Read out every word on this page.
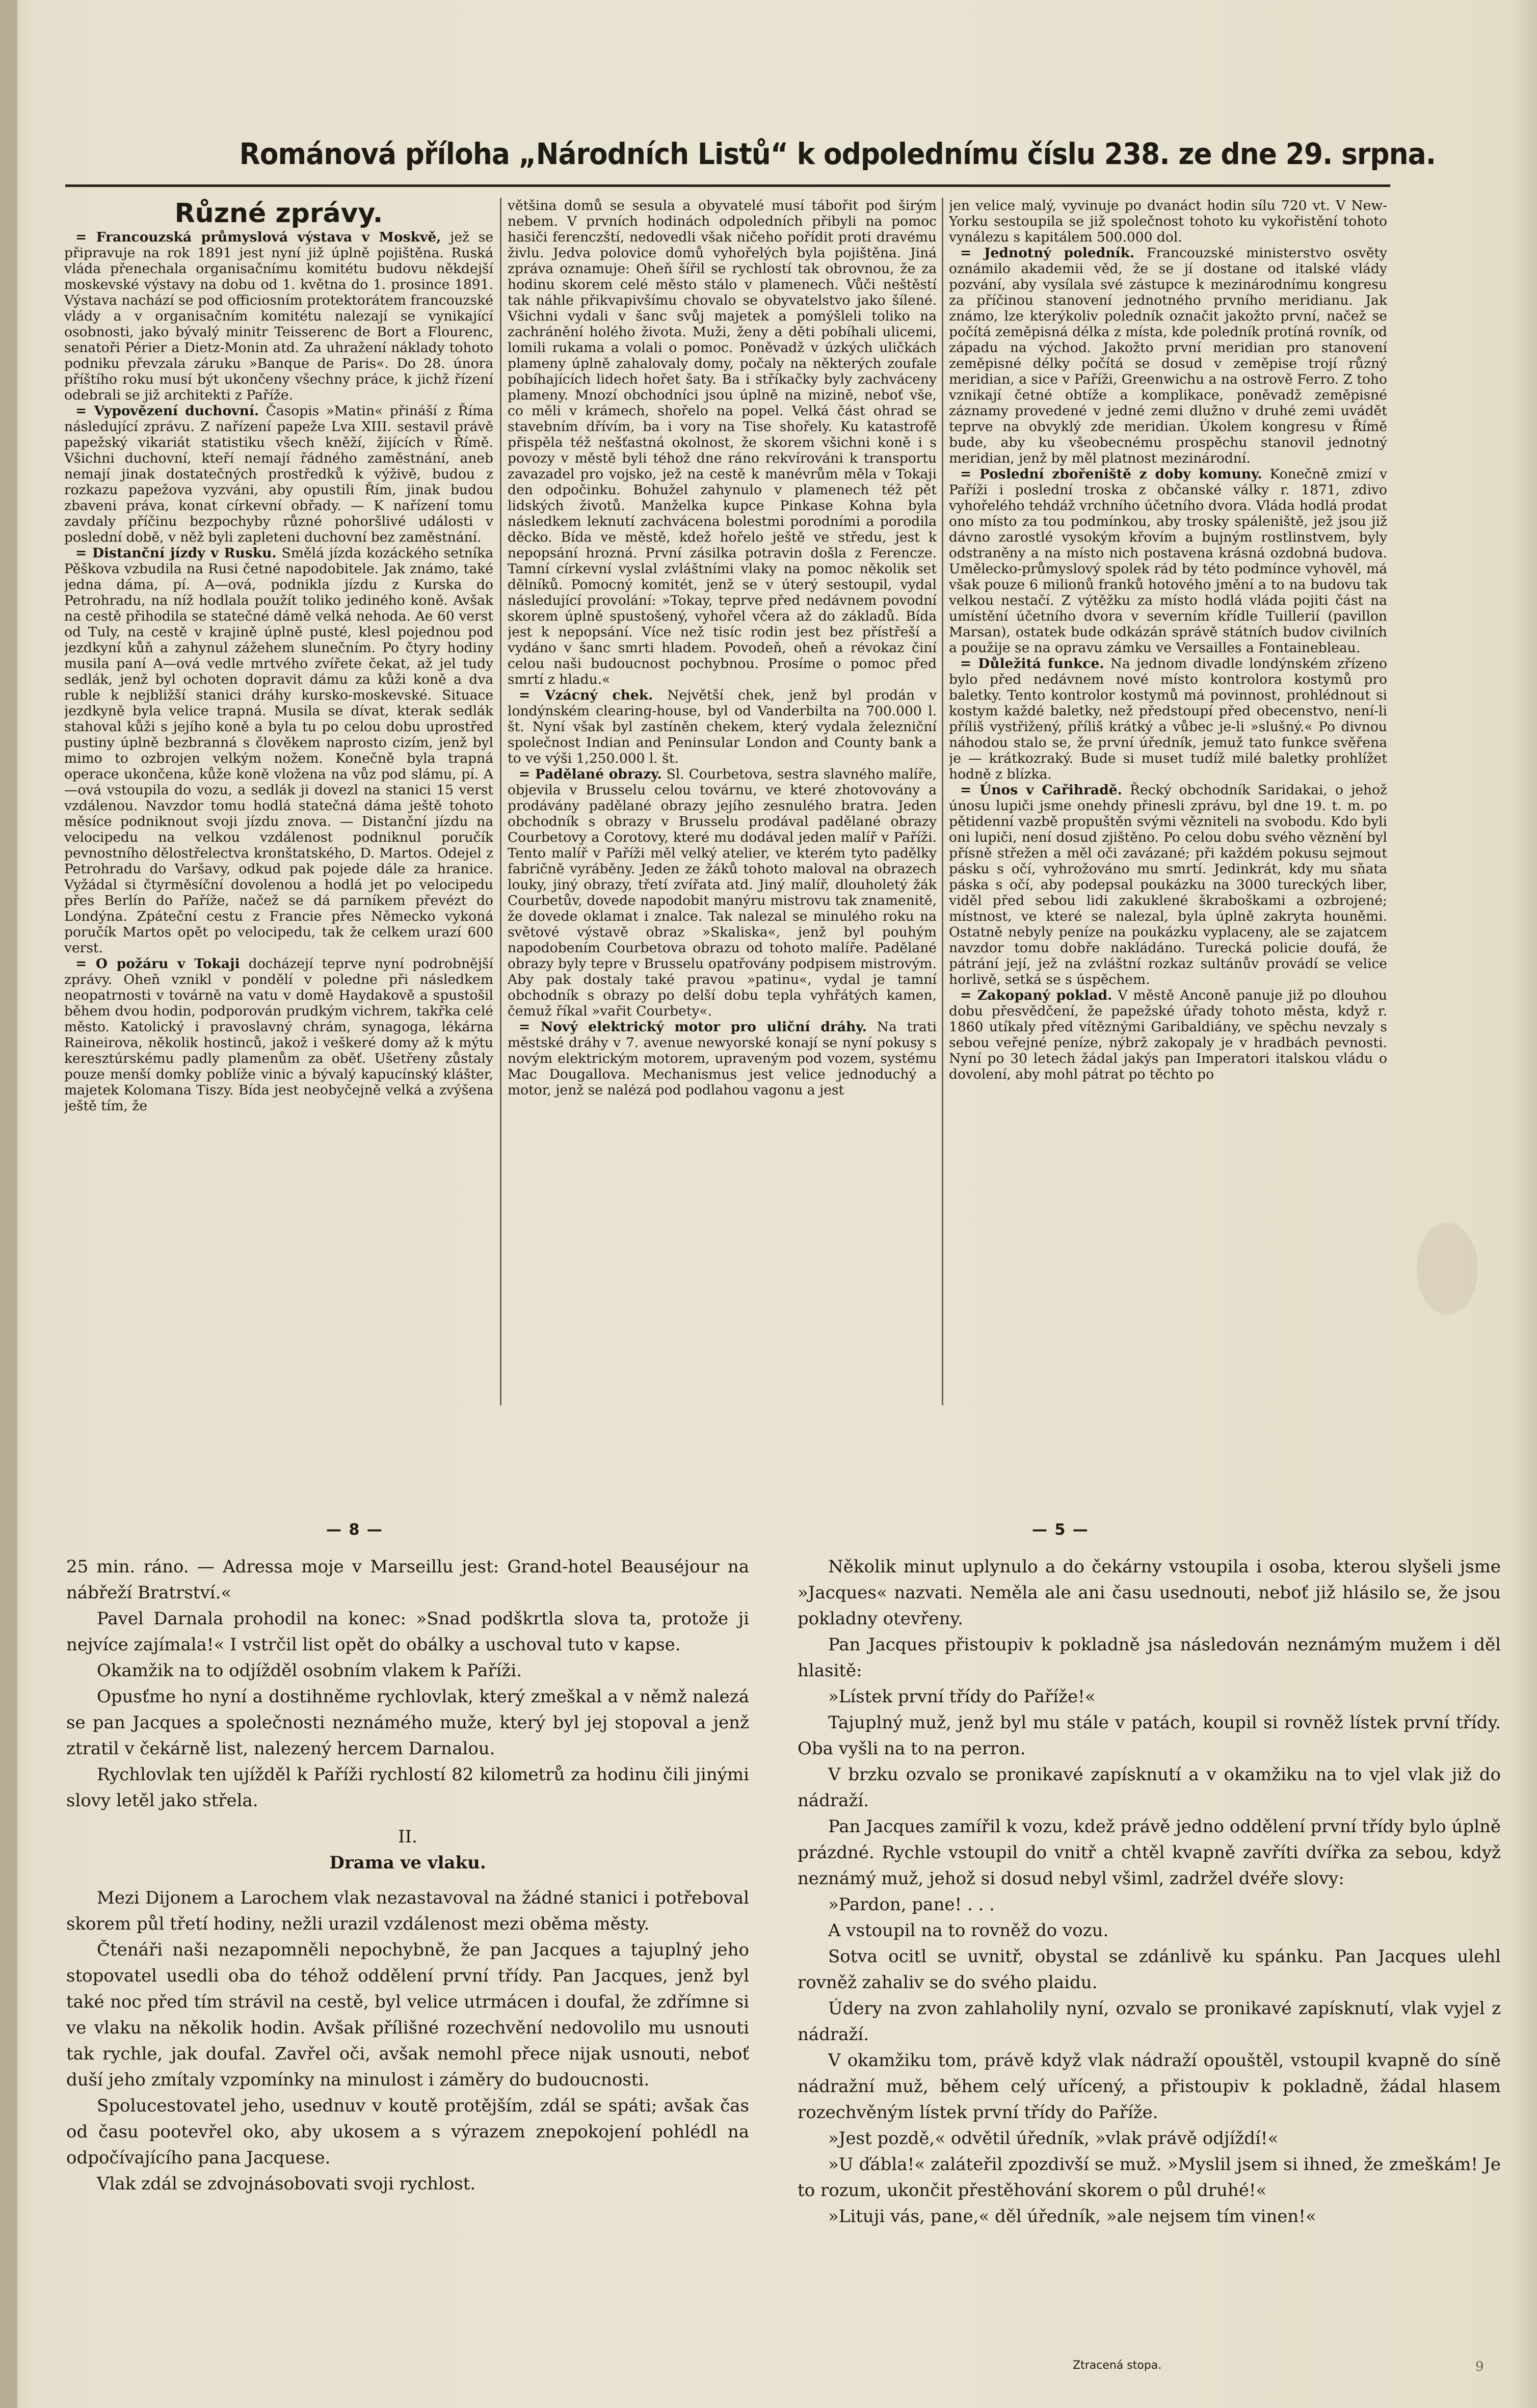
Románová příloha „Národních Listů“ k odpolednímu číslu 238. ze dne 29. srpna.

Různé zprávy.

= Francouzská průmyslová výstava v Moskvě, jež se připravuje na rok 1891 jest nyní již úplně pojištěna. Ruská vláda přenechala organisačnímu komitétu budovu někdejší moskevské výstavy na dobu od 1. května do 1. prosince 1891. Výstava nachází se pod officiosním protektorátem francouzské vlády a v organisačním komitétu nalezají se vynikající osobnosti, jako bývalý minitr Teisserenc de Bort a Flourenc, senatoři Périer a Dietz-Monin atd. Za uhražení náklady tohoto podniku převzala záruku »Banque de Paris«. Do 28. února příštího roku musí být ukončeny všechny práce, k jichž řízení odebrali se již architekti z Paříže.

= Vypovězení duchovní. Časopis »Matin« přináší z Říma následující zprávu. Z nařízení papeže Lva XIII. sestavil právě papežský vikariát statistiku všech kněží, žijících v Římě. Všichni duchovní, kteří nemají řádného zaměstnání, aneb nemají jinak dostatečných prostředků k výživě, budou z rozkazu papežova vyzváni, aby opustili Řím, jinak budou zbaveni práva, konat církevní obřady. — K nařízení tomu zavdaly příčinu bezpochyby různé pohoršlivé události v poslední době, v něž byli zapleteni duchovní bez zaměstnání.

= Distanční jízdy v Rusku. Smělá jízda kozáckého setníka Pěškova vzbudila na Rusi četné napodobitele. Jak známo, také jedna dáma, pí. A—ová, podnikla jízdu z Kurska do Petrohradu, na níž hodlala použít toliko jediného koně. Avšak na cestě přihodila se statečné dámě velká nehoda. Ae 60 verst od Tuly, na cestě v krajině úplně pusté, klesl pojednou pod jezdkyní kůň a zahynul zážehem slunečním. Po čtyry hodiny musila paní A—ová vedle mrtvého zvířete čekat, až jel tudy sedlák, jenž byl ochoten dopravit dámu za kůži koně a dva ruble k nejbližší stanici dráhy kursko-moskevské. Situace jezdkyně byla velice trapná. Musila se dívat, kterak sedlák stahoval kůži s jejího koně a byla tu po celou dobu uprostřed pustiny úplně bezbranná s člověkem naprosto cizím, jenž byl mimo to ozbrojen velkým nožem. Konečně byla trapná operace ukončena, kůže koně vložena na vůz pod slámu, pí. A—ová vstoupila do vozu, a sedlák ji dovezl na stanici 15 verst vzdálenou. Navzdor tomu hodlá statečná dáma ještě tohoto měsíce podniknout svoji jízdu znova. — Distanční jízdu na velocipedu na velkou vzdálenost podniknul poručík pevnostního dělostřelectva kronštatského, D. Martos. Odejel z Petrohradu do Varšavy, odkud pak pojede dále za hranice. Vyžádal si čtyrměsíční dovolenou a hodlá jet po velocipedu přes Berlín do Paříže, načež se dá parníkem převézt do Londýna. Zpáteční cestu z Francie přes Německo vykoná poručík Martos opět po velocipedu, tak že celkem urazí 600 verst.

= O požáru v Tokaji docházejí teprve nyní podrobnější zprávy. Oheň vznikl v pondělí v poledne při následkem neopatrnosti v továrně na vatu v domě Haydakově a spustošil během dvou hodin, podporován prudkým vichrem, takřka celé město. Katolický i pravoslavný chrám, synagoga, lékárna Raineirova, několik hostinců, jakož i veškeré domy až k mýtu keresztúrskému padly plamenům za oběť. Ušetřeny zůstaly pouze menší domky poblíže vinic a bývalý kapucínský klášter, majetek Kolomana Tiszy. Bída jest neobyčejně velká a zvýšena ještě tím, že

většina domů se sesula a obyvatelé musí tábořit pod širým nebem. V prvních hodinách odpoledních přibyli na pomoc hasiči ferenczští, nedovedli však ničeho pořídit proti dravému živlu. Jedva polovice domů vyhořelých byla pojištěna. Jiná zpráva oznamuje: Oheň šířil se rychlostí tak obrovnou, že za hodinu skorem celé město stálo v plamenech. Vůči neštěstí tak náhle přikvapivšímu chovalo se obyvatelstvo jako šílené. Všichni vydali v šanc svůj majetek a pomýšleli toliko na zachránění holého života. Muži, ženy a děti pobíhali ulicemi, lomili rukama a volali o pomoc. Poněvadž v úzkých uličkách plameny úplně zahalovaly domy, počaly na některých zoufale pobíhajících lidech hořet šaty. Ba i stříkačky byly zachváceny plameny. Mnozí obchodníci jsou úplně na mizině, neboť vše, co měli v krámech, shořelo na popel. Velká část ohrad se stavebním dřívím, ba i vory na Tise shořely. Ku katastrofě přispěla též nešťastná okolnost, že skorem všichni koně i s povozy v městě byli téhož dne ráno rekvírováni k transportu zavazadel pro vojsko, jež na cestě k manévrům měla v Tokaji den odpočinku. Bohužel zahynulo v plamenech též pět lidských životů. Manželka kupce Pinkase Kohna byla následkem leknutí zachvácena bolestmi porodními a porodila děcko. Bída ve městě, kdež hořelo ještě ve středu, jest k nepopsání hrozná. První zásilka potravin došla z Ferencze. Tamní církevní vyslal zvláštními vlaky na pomoc několik set dělníků. Pomocný komitét, jenž se v úterý sestoupil, vydal následující provolání: »Tokay, teprve před nedávnem povodní skorem úplně spustošený, vyhořel včera až do základů. Bída jest k nepopsání. Více než tisíc rodin jest bez přístřeší a vydáno v šanc smrti hladem. Povodeň, oheň a révokaz činí celou naši budoucnost pochybnou. Prosíme o pomoc před smrtí z hladu.«

= Vzácný chek. Největší chek, jenž byl prodán v londýnském clearing-house, byl od Vanderbilta na 700.000 l. št. Nyní však byl zastíněn chekem, který vydala železniční společnost Indian and Peninsular London and County bank a to ve výši 1,250.000 l. št.

= Padělané obrazy. Sl. Courbetova, sestra slavného malíře, objevila v Brusselu celou továrnu, ve které zhotovovány a prodávány padělané obrazy jejího zesnulého bratra. Jeden obchodník s obrazy v Brusselu prodával padělané obrazy Courbetovy a Corotovy, které mu dodával jeden malíř v Paříži. Tento malíř v Paříži měl velký atelier, ve kterém tyto padělky fabričně vyráběny. Jeden ze žáků tohoto maloval na obrazech louky, jiný obrazy, třetí zvířata atd. Jiný malíř, dlouholetý žák Courbetův, dovede napodobit manýru mistrovu tak znamenitě, že dovede oklamat i znalce. Tak nalezal se minulého roku na světové výstavě obraz »Skaliska«, jenž byl pouhým napodobením Courbetova obrazu od tohoto malíře. Padělané obrazy byly tepre v Brusselu opatřovány podpisem mistrovým. Aby pak dostaly také pravou »patinu«, vydal je tamní obchodník s obrazy po delší dobu tepla vyhřátých kamen, čemuž říkal »vařit Courbety«.

= Nový elektrický motor pro uliční dráhy. Na trati městské dráhy v 7. avenue newyorské konají se nyní pokusy s novým elektrickým motorem, upraveným pod vozem, systému Mac Dougallova. Mechanismus jest velice jednoduchý a motor, jenž se nalézá pod podlahou vagonu a jest

jen velice malý, vyvinuje po dvanáct hodin sílu 720 vt. V New-Yorku sestoupila se již společnost tohoto ku vykořistění tohoto vynálezu s kapitálem 500.000 dol.

= Jednotný poledník. Francouzské ministerstvo osvěty oznámilo akademii věd, že se jí dostane od italské vlády pozvání, aby vysílala své zástupce k mezinárodnímu kongresu za příčinou stanovení jednotného prvního meridianu. Jak známo, lze kterýkoliv poledník označit jakožto první, načež se počítá zeměpisná délka z místa, kde poledník protíná rovník, od západu na východ. Jakožto první meridian pro stanovení zeměpisné délky počítá se dosud v zeměpise trojí různý meridian, a sice v Paříži, Greenwichu a na ostrově Ferro. Z toho vznikají četné obtíže a komplikace, poněvadž zeměpisné záznamy provedené v jedné zemi dlužno v druhé zemi uvádět teprve na obvyklý zde meridian. Úkolem kongresu v Římě bude, aby ku všeobecnému prospěchu stanovil jednotný meridian, jenž by měl platnost mezinárodní.

= Poslední zbořeniště z doby komuny. Konečně zmizí v Paříži i poslední troska z občanské války r. 1871, zdivo vyhořelého tehdáž vrchního účetního dvora. Vláda hodlá prodat ono místo za tou podmínkou, aby trosky spáleniště, jež jsou již dávno zarostlé vysokým křovím a bujným rostlinstvem, byly odstraněny a na místo nich postavena krásná ozdobná budova. Umělecko-průmyslový spolek rád by této podmínce vyhověl, má však pouze 6 milionů franků hotového jmění a to na budovu tak velkou nestačí. Z výtěžku za místo hodlá vláda pojiti část na umístění účetního dvora v severním křídle Tuillerií (pavillon Marsan), ostatek bude odkázán správě státních budov civilních a použije se na opravu zámku ve Versailles a Fontainebleau.

= Důležitá funkce. Na jednom divadle londýnském zřízeno bylo před nedávnem nové místo kontrolora kostymů pro baletky. Tento kontrolor kostymů má povinnost, prohlédnout si kostym každé baletky, než předstoupí před obecenstvo, není-li příliš vystřižený, příliš krátký a vůbec je-li »slušný.« Po divnou náhodou stalo se, že první úředník, jemuž tato funkce svěřena je — krátkozraký. Bude si muset tudíž milé baletky prohlížet hodně z blízka.

= Únos v Cařihradě. Řecký obchodník Saridakai, o jehož únosu lupiči jsme onehdy přinesli zprávu, byl dne 19. t. m. po pětidenní vazbě propuštěn svými vězniteli na svobodu. Kdo byli oni lupiči, není dosud zjištěno. Po celou dobu svého věznění byl přísně střežen a měl oči zavázané; při každém pokusu sejmout pásku s očí, vyhrožováno mu smrtí. Jedinkrát, kdy mu sňata páska s očí, aby podepsal poukázku na 3000 tureckých liber, viděl před sebou lidi zakuklené škraboškami a ozbrojené; místnost, ve které se nalezal, byla úplně zakryta houněmi. Ostatně nebyly peníze na poukázku vyplaceny, ale se zajatcem navzdor tomu dobře nakládáno. Turecká policie doufá, že pátrání její, jež na zvláštní rozkaz sultánův provádí se velice horlivě, setká se s úspěchem.

= Zakopaný poklad. V městě Anconě panuje již po dlouhou dobu přesvědčení, že papežské úřady tohoto města, když r. 1860 utíkaly před vítěznými Garibaldiány, ve spěchu nevzaly s sebou veřejné peníze, nýbrž zakopaly je v hradbách pevnosti. Nyní po 30 letech žádal jakýs pan Imperatori italskou vládu o dovolení, aby mohl pátrat po těchto po

— 8 —	— 5 —

25 min. ráno. — Adressa moje v Marseillu jest: Grand-hotel Beauséjour na nábřeží Bratrství.«

Pavel Darnala prohodil na konec: »Snad podškrtla slova ta, protože ji nejvíce zajímala!« I vstrčil list opět do obálky a uschoval tuto v kapse.

Okamžik na to odjížděl osobním vlakem k Paříži.

Opusťme ho nyní a dostihněme rychlovlak, který zmeškal a v němž nalezá se pan Jacques a společnosti neznámého muže, který byl jej stopoval a jenž ztratil v čekárně list, nalezený hercem Darnalou.

Rychlovlak ten ujížděl k Paříži rychlostí 82 kilometrů za hodinu čili jinými slovy letěl jako střela.

II.

Drama ve vlaku.

Mezi Dijonem a Larochem vlak nezastavoval na žádné stanici i potřeboval skorem půl třetí hodiny, nežli urazil vzdálenost mezi oběma městy.

Čtenáři naši nezapomněli nepochybně, že pan Jacques a tajuplný jeho stopovatel usedli oba do téhož oddělení první třídy. Pan Jacques, jenž byl také noc před tím strávil na cestě, byl velice utrmácen i doufal, že zdřímne si ve vlaku na několik hodin. Avšak přílišné rozechvění nedovolilo mu usnouti tak rychle, jak doufal. Zavřel oči, avšak nemohl přece nijak usnouti, neboť duší jeho zmítaly vzpomínky na minulost i záměry do budoucnosti.

Spolucestovatel jeho, usednuv v koutě protějším, zdál se spáti; avšak čas od času pootevřel oko, aby ukosem a s výrazem znepokojení pohlédl na odpočívajícího pana Jacquese.

Vlak zdál se zdvojnásobovati svoji rychlost.

Několik minut uplynulo a do čekárny vstoupila i osoba, kterou slyšeli jsme »Jacques« nazvati. Neměla ale ani času usednouti, neboť již hlásilo se, že jsou pokladny otevřeny.

Pan Jacques přistoupiv k pokladně jsa následován neznámým mužem i děl hlasitě:

»Lístek první třídy do Paříže!«

Tajuplný muž, jenž byl mu stále v patách, koupil si rovněž lístek první třídy. Oba vyšli na to na perron.

V brzku ozvalo se pronikavé zapísknutí a v okamžiku na to vjel vlak již do nádraží.

Pan Jacques zamířil k vozu, kdež právě jedno oddělení první třídy bylo úplně prázdné. Rychle vstoupil do vnitř a chtěl kvapně zavříti dvířka za sebou, když neznámý muž, jehož si dosud nebyl všiml, zadržel dvéře slovy:

»Pardon, pane! . . .

A vstoupil na to rovněž do vozu.

Sotva ocitl se uvnitř, obystal se zdánlivě ku spánku. Pan Jacques ulehl rovněž zahaliv se do svého plaidu.

Údery na zvon zahlaholily nyní, ozvalo se pronikavé zapísknutí, vlak vyjel z nádraží.

V okamžiku tom, právě když vlak nádraží opouštěl, vstoupil kvapně do síně nádražní muž, během celý uřícený, a přistoupiv k pokladně, žádal hlasem rozechvěným lístek první třídy do Paříže.

»Jest pozdě,« odvětil úředník, »vlak právě odjíždí!«

»U ďábla!« zaláteřil zpozdivší se muž. »Myslil jsem si ihned, že zmeškám! Je to rozum, ukončit přestěhování skorem o půl druhé!«

»Lituji vás, pane,« děl úředník, »ale nejsem tím vinen!«

Ztracená stopa.	9
